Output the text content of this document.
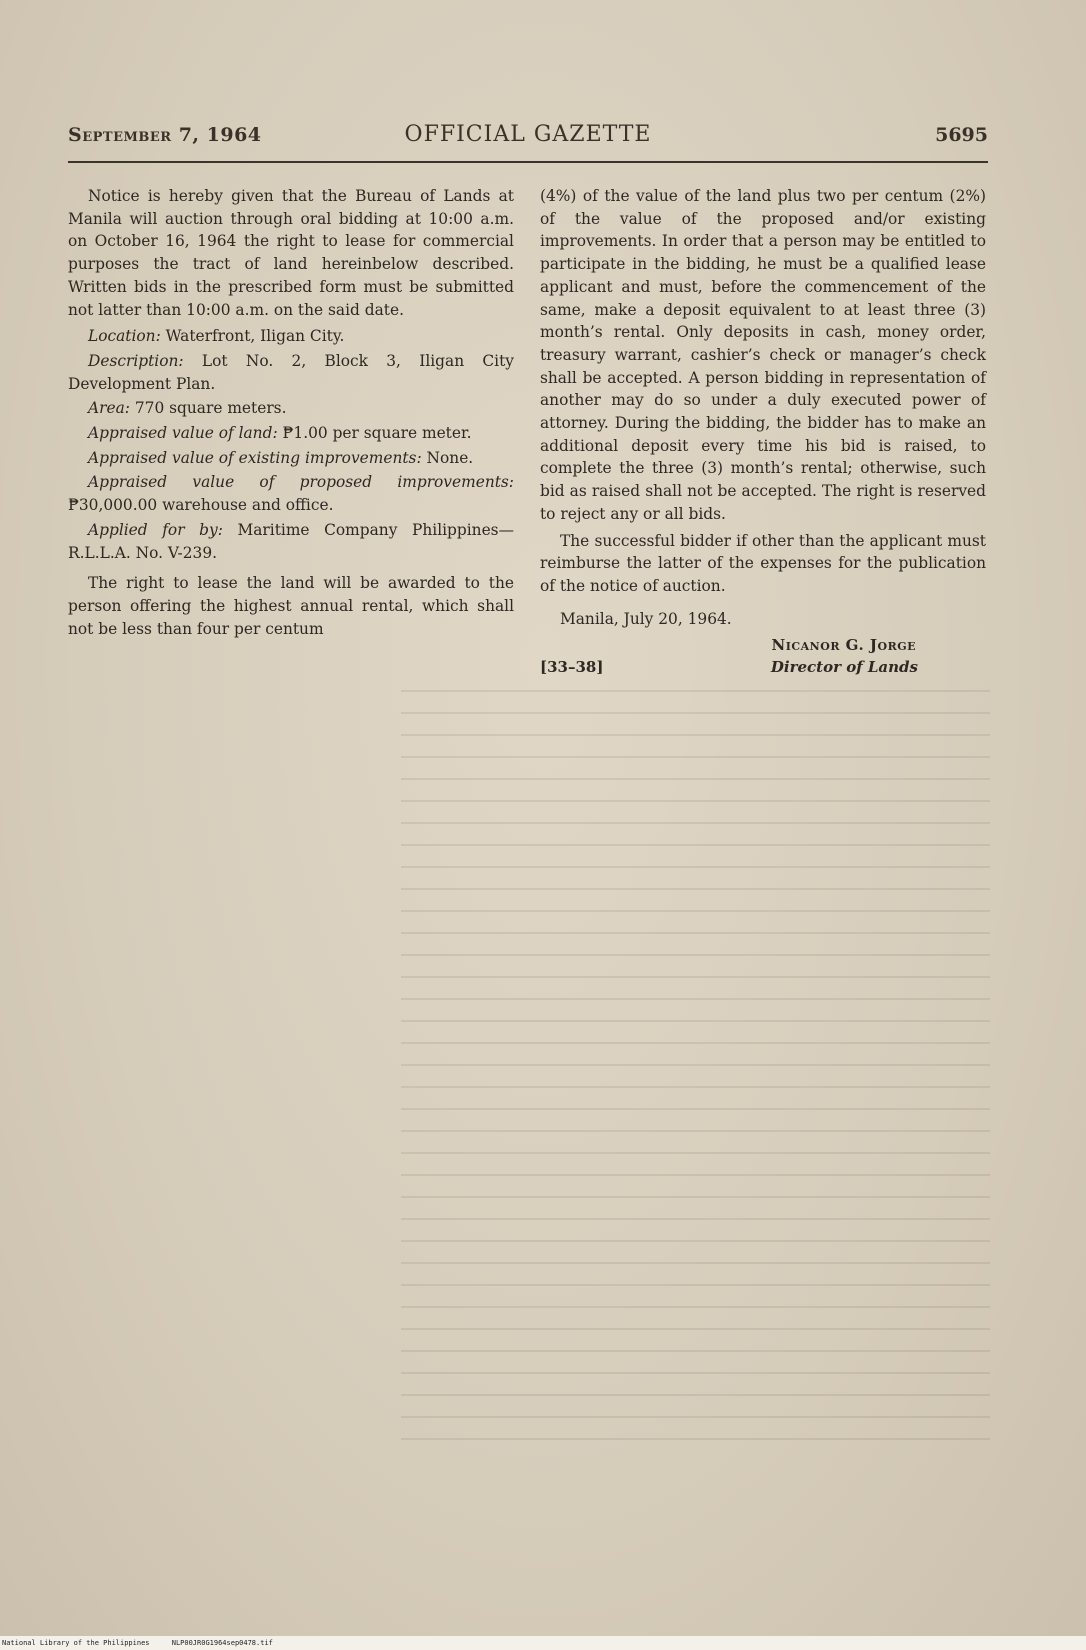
September 7, 1964	OFFICIAL GAZETTE	5695

Notice is hereby given that the Bureau of Lands at Manila will auction through oral bidding at 10:00 a.m. on October 16, 1964 the right to lease for commercial purposes the tract of land hereinbelow described. Written bids in the prescribed form must be submitted not latter than 10:00 a.m. on the said date.

Location: Waterfront, Iligan City.

Description: Lot No. 2, Block 3, Iligan City Development Plan.

Area: 770 square meters.

Appraised value of land: ₱1.00 per square meter.

Appraised value of existing improvements: None.

Appraised value of proposed improvements: ₱30,000.00 warehouse and office.

Applied for by: Maritime Company Philippines—R.L.L.A. No. V-239.

The right to lease the land will be awarded to the person offering the highest annual rental, which shall not be less than four per centum

(4%) of the value of the land plus two per centum (2%) of the value of the proposed and/or existing improvements. In order that a person may be entitled to participate in the bidding, he must be a qualified lease applicant and must, before the commencement of the same, make a deposit equivalent to at least three (3) month’s rental. Only deposits in cash, money order, treasury warrant, cashier’s check or manager’s check shall be accepted. A person bidding in representation of another may do so under a duly executed power of attorney. During the bidding, the bidder has to make an additional deposit every time his bid is raised, to complete the three (3) month’s rental; otherwise, such bid as raised shall not be accepted. The right is reserved to reject any or all bids.

The successful bidder if other than the applicant must reimburse the latter of the expenses for the publication of the notice of auction.

Manila, July 20, 1964.

Nicanor G. Jorge
[33–38]	Director of Lands
National Library of the Philippines	NLP00JR0G1964sep0478.tif
